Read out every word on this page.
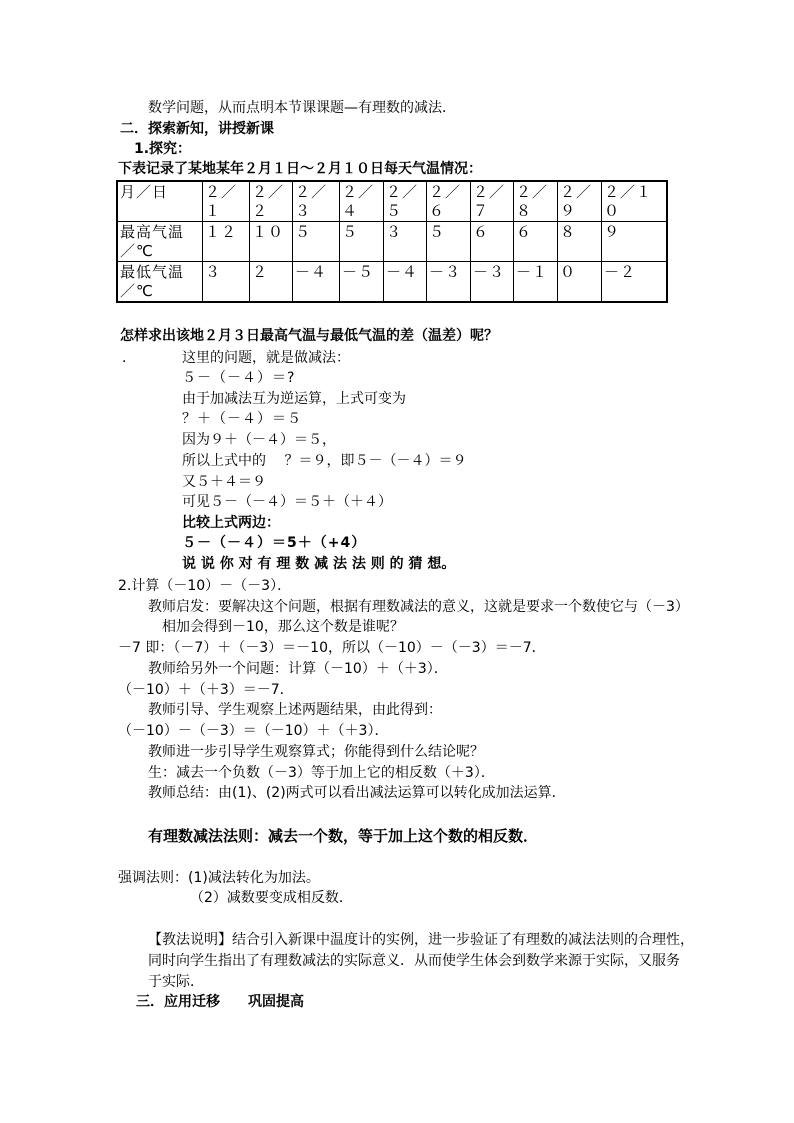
数学问题，从而点明本节课课题—有理数的减法．
二．探索新知，讲授新课
1.探究：
下表记录了某地某年２月１日～２月１０日每天气温情况：
月／日	２／１	２／２	２／３	２／４	２／５	２／６	２／７	２／８	２／９	２／１０
最高气温／℃	１２	１０	５	５	３	５	６	６	８	９
最低气温／℃	３	２	－４	－５	－４	－３	－３	－１	０	－２
怎样求出该地２月３日最高气温与最低气温的差（温差）呢？
.	这里的问题，就是做减法：
５－（－４）＝?
由于加减法互为逆运算，上式可变为
？＋（－４）＝５
因为９＋（－４）＝５，
所以上式中的　 ？＝９，即５－（－４）＝９
又５＋４＝９
可见５－（－４）＝５＋（＋４）
比较上式两边：
５－（－４）＝5＋（+4）
说 说 你 对 有 理 数 减 法 法 则 的 猜 想。
2.计算（－10）－（－3）．
教师启发：要解决这个问题，根据有理数减法的意义，这就是要求一个数使它与（－3）
相加会得到－10，那么这个数是谁呢？
－7 即：（－7）＋（－3）＝－10，所以（－10）－（－3）＝－7．
教师给另外一个问题：计算（－10）＋（＋3）．
（－10）＋（＋3）＝－7．
教师引导、学生观察上述两题结果，由此得到：
（－10）－（－3）＝（－10）＋（＋3）．
教师进一步引导学生观察算式；你能得到什么结论呢？
生：减去一个负数（－3）等于加上它的相反数（＋3）．
教师总结：由(1)、(2)两式可以看出减法运算可以转化成加法运算．
有理数减法法则：减去一个数，等于加上这个数的相反数．
强调法则：(1)减法转化为加法。
（2）减数要变成相反数．
【教法说明】结合引入新课中温度计的实例，进一步验证了有理数的减法法则的合理性，
同时向学生指出了有理数减法的实际意义．从而使学生体会到数学来源于实际，又服务
于实际．
三．应用迁移　　巩固提高
